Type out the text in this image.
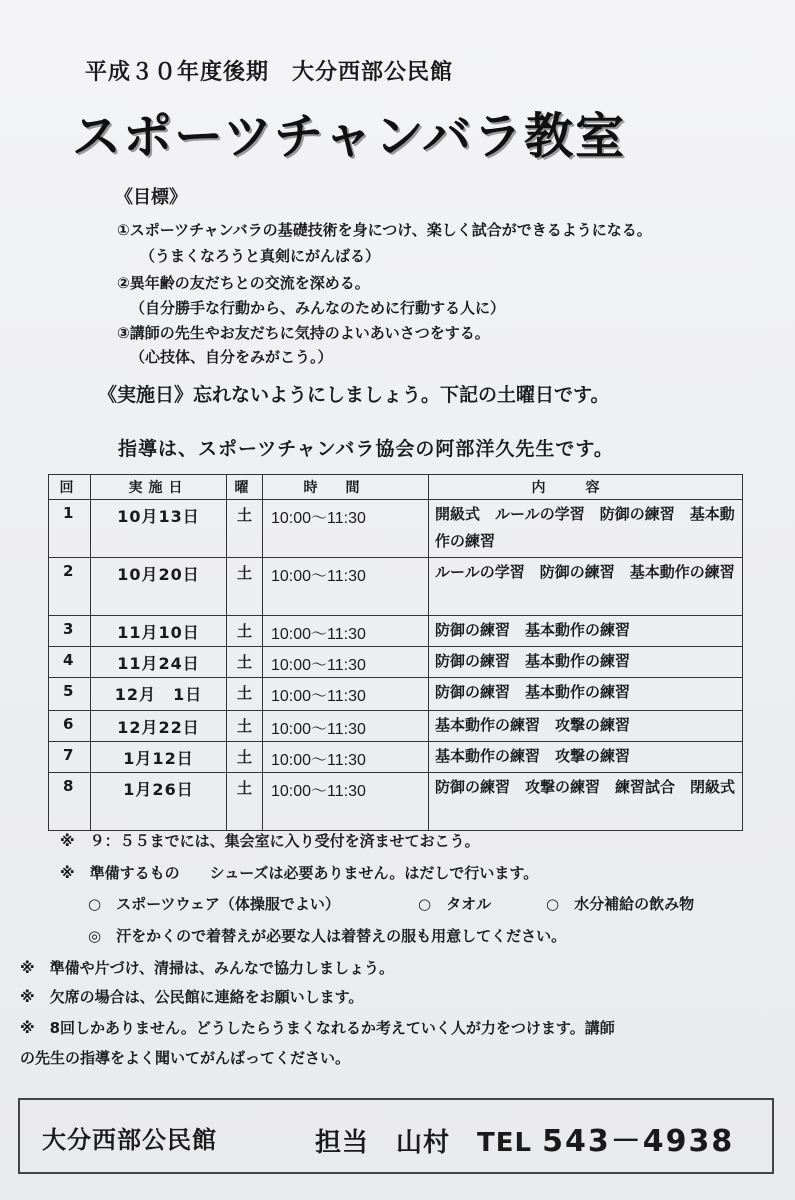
平成３０年度後期　大分西部公民館
スポーツチャンバラ教室
《目標》
①スポーツチャンバラの基礎技術を身につけ、楽しく試合ができるようになる。
（うまくなろうと真剣にがんばる）
②異年齢の友だちとの交流を深める。
（自分勝手な行動から、みんなのために行動する人に）
③講師の先生やお友だちに気持のよいあいさつをする。
（心技体、自分をみがこう。）
《実施日》忘れないようにしましょう。下記の土曜日です。
指導は、スポーツチャンバラ協会の阿部洋久先生です。
回	実施日	曜	時間	内容
1	10月13日	土	10:00～11:30	開級式　ルールの学習　防御の練習　基本動作の練習
2	10月20日	土	10:00～11:30	ルールの学習　防御の練習　基本動作の練習
3	11月10日	土	10:00～11:30	防御の練習　基本動作の練習
4	11月24日	土	10:00～11:30	防御の練習　基本動作の練習
5	12月　1日	土	10:00～11:30	防御の練習　基本動作の練習
6	12月22日	土	10:00～11:30	基本動作の練習　攻撃の練習
7	1月12日	土	10:00～11:30	基本動作の練習　攻撃の練習
8	1月26日	土	10:00～11:30	防御の練習　攻撃の練習　練習試合　閉級式
※　９：５５までには、集会室に入り受付を済ませておこう。
※　準備するもの　　シューズは必要ありません。はだしで行います。
○　スポーツウェア（体操服でよい）	○　タオル	○　水分補給の飲み物
◎　汗をかくので着替えが必要な人は着替えの服も用意してください。
※　準備や片づけ、清掃は、みんなで協力しましょう。
※　欠席の場合は、公民館に連絡をお願いします。
※　8回しかありません。どうしたらうまくなれるか考えていく人が力をつけます。講師
の先生の指導をよく聞いてがんばってください。
大分西部公民館	担当　山村　TEL 543－4938
